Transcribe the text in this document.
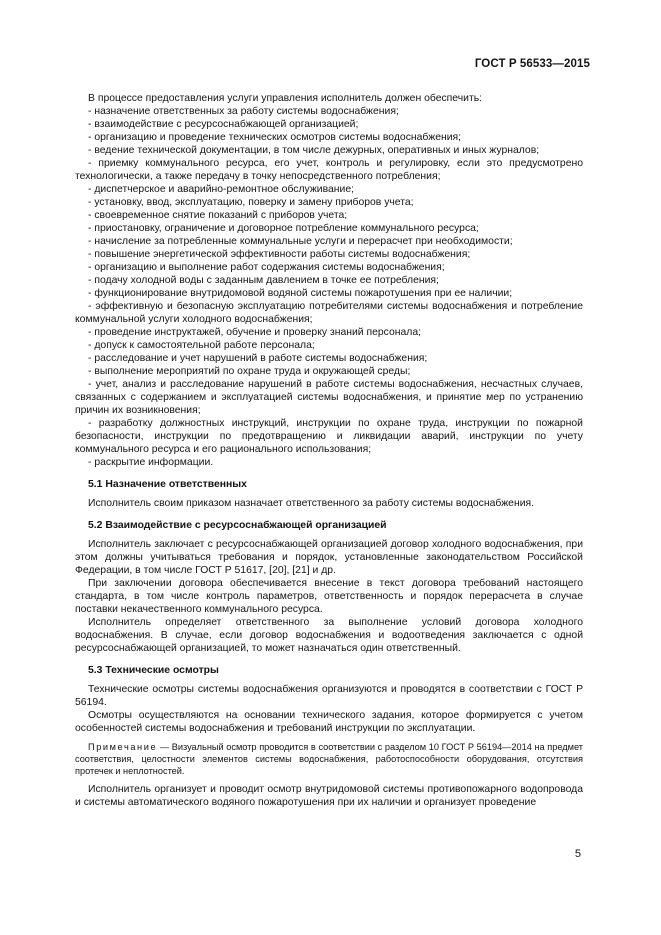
ГОСТ Р 56533—2015

В процессе предоставления услуги управления исполнитель должен обеспечить:

- назначение ответственных за работу системы водоснабжения;

- взаимодействие с ресурсоснабжающей организацией;

- организацию и проведение технических осмотров системы водоснабжения;

- ведение технической документации, в том числе дежурных, оперативных и иных журналов;

- приемку коммунального ресурса, его учет, контроль и регулировку, если это предусмотрено технологически, а также передачу в точку непосредственного потребления;

- диспетчерское и аварийно-ремонтное обслуживание;

- установку, ввод, эксплуатацию, поверку и замену приборов учета;

- своевременное снятие показаний с приборов учета;

- приостановку, ограничение и договорное потребление коммунального ресурса;

- начисление за потребленные коммунальные услуги и перерасчет при необходимости;

- повышение энергетической эффективности работы системы водоснабжения;

- организацию и выполнение работ содержания системы водоснабжения;

- подачу холодной воды с заданным давлением в точке ее потребления;

- функционирование внутридомовой водяной системы пожаротушения при ее наличии;

- эффективную и безопасную эксплуатацию потребителями системы водоснабжения и потребление коммунальной услуги холодного водоснабжения;

- проведение инструктажей, обучение и проверку знаний персонала;

- допуск к самостоятельной работе персонала;

- расследование и учет нарушений в работе системы водоснабжения;

- выполнение мероприятий по охране труда и окружающей среды;

- учет, анализ и расследование нарушений в работе системы водоснабжения, несчастных случаев, связанных с содержанием и эксплуатацией системы водоснабжения, и принятие мер по устранению причин их возникновения;

- разработку должностных инструкций, инструкции по охране труда, инструкции по пожарной безопасности, инструкции по предотвращению и ликвидации аварий, инструкции по учету коммунального ресурса и его рационального использования;

- раскрытие информации.

5.1 Назначение ответственных

Исполнитель своим приказом назначает ответственного за работу системы водоснабжения.

5.2 Взаимодействие с ресурсоснабжающей организацией

Исполнитель заключает с ресурсоснабжающей организацией договор холодного водоснабжения, при этом должны учитываться требования и порядок, установленные законодательством Российской Федерации, в том числе ГОСТ Р 51617, [20], [21] и др.

При заключении договора обеспечивается внесение в текст договора требований настоящего стандарта, в том числе контроль параметров, ответственность и порядок перерасчета в случае поставки некачественного коммунального ресурса.

Исполнитель определяет ответственного за выполнение условий договора холодного водоснабжения. В случае, если договор водоснабжения и водоотведения заключается с одной ресурсоснабжающей организацией, то может назначаться один ответственный.

5.3 Технические осмотры

Технические осмотры системы водоснабжения организуются и проводятся в соответствии с ГОСТ Р 56194.

Осмотры осуществляются на основании технического задания, которое формируется с учетом особенностей системы водоснабжения и требований инструкции по эксплуатации.

Примечание — Визуальный осмотр проводится в соответствии с разделом 10 ГОСТ Р 56194—2014 на предмет соответствия, целостности элементов системы водоснабжения, работоспособности оборудования, отсутствия протечек и неплотностей.

Исполнитель организует и проводит осмотр внутридомовой системы противопожарного водопровода и системы автоматического водяного пожаротушения при их наличии и организует проведение

5
